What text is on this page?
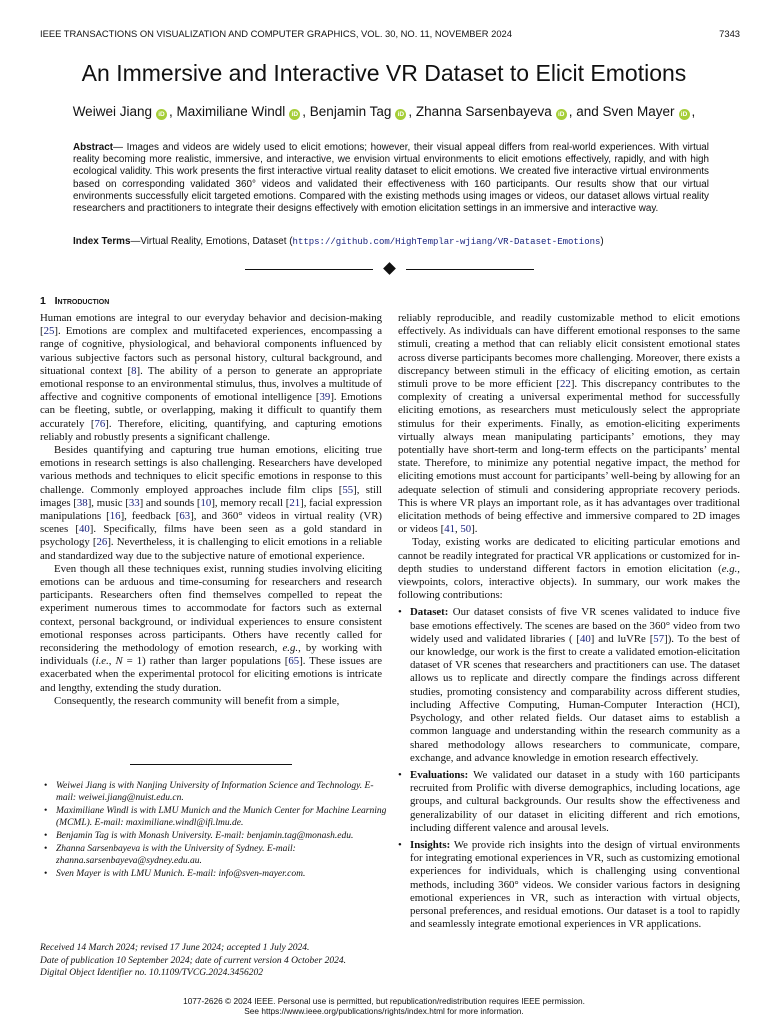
IEEE TRANSACTIONS ON VISUALIZATION AND COMPUTER GRAPHICS, VOL. 30, NO. 11, NOVEMBER 2024	7343
An Immersive and Interactive VR Dataset to Elicit Emotions
Weiwei Jiang iD , Maximiliane Windl iD , Benjamin Tag iD , Zhanna Sarsenbayeva iD , and Sven Mayer iD ,
Abstract— Images and videos are widely used to elicit emotions; however, their visual appeal differs from real-world experiences. With virtual reality becoming more realistic, immersive, and interactive, we envision virtual environments to elicit emotions effectively, rapidly, and with high ecological validity. This work presents the first interactive virtual reality dataset to elicit emotions. We created five interactive virtual environments based on corresponding validated 360° videos and validated their effectiveness with 160 participants. Our results show that our virtual environments successfully elicit targeted emotions. Compared with the existing methods using images or videos, our dataset allows virtual reality researchers and practitioners to integrate their designs effectively with emotion elicitation settings in an immersive and interactive way.
Index Terms—Virtual Reality, Emotions, Dataset (https://github.com/HighTemplar-wjiang/VR-Dataset-Emotions)
1 Introduction

Human emotions are integral to our everyday behavior and decision-making [25]. Emotions are complex and multifaceted experiences, encompassing a range of cognitive, physiological, and behavioral components influenced by various subjective factors such as personal history, cultural background, and situational context [8]. The ability of a person to generate an appropriate emotional response to an environmental stimulus, thus, involves a multitude of affective and cognitive components of emotional intelligence [39]. Emotions can be fleeting, subtle, or overlapping, making it difficult to quantify them accurately [76]. Therefore, eliciting, quantifying, and capturing emotions reliably and robustly presents a significant challenge.

Besides quantifying and capturing true human emotions, eliciting true emotions in research settings is also challenging. Researchers have developed various methods and techniques to elicit specific emotions in response to this challenge. Commonly employed approaches include film clips [55], still images [38], music [33] and sounds [10], memory recall [21], facial expression manipulations [16], feedback [63], and 360° videos in virtual reality (VR) scenes [40]. Specifically, films have been seen as a gold standard in psychology [26]. Nevertheless, it is challenging to elicit emotions in a reliable and standardized way due to the subjective nature of emotional experience.

Even though all these techniques exist, running studies involving eliciting emotions can be arduous and time-consuming for researchers and research participants. Researchers often find themselves compelled to repeat the experiment numerous times to accommodate for factors such as external context, personal background, or individual experiences to ensure consistent emotional responses across participants. Others have recently called for reconsidering the methodology of emotion research, e.g., by working with individuals (i.e., N = 1) rather than larger populations [65]. These issues are exacerbated when the experimental protocol for eliciting emotions is intricate and lengthy, extending the study duration.

Consequently, the research community will benefit from a simple,

reliably reproducible, and readily customizable method to elicit emotions effectively. As individuals can have different emotional responses to the same stimuli, creating a method that can reliably elicit consistent emotional states across diverse participants becomes more challenging. Moreover, there exists a discrepancy between stimuli in the efficacy of eliciting emotion, as certain stimuli prove to be more efficient [22]. This discrepancy contributes to the complexity of creating a universal experimental method for successfully eliciting emotions, as researchers must meticulously select the appropriate stimulus for their experiments. Finally, as emotion-eliciting experiments virtually always mean manipulating participants’ emotions, they may potentially have short-term and long-term effects on the participants’ mental state. Therefore, to minimize any potential negative impact, the method for eliciting emotions must account for participants’ well-being by allowing for an adequate selection of stimuli and considering appropriate recovery periods. This is where VR plays an important role, as it has advantages over traditional elicitation methods of being effective and immersive compared to 2D images or videos [41, 50].

Today, existing works are dedicated to eliciting particular emotions and cannot be readily integrated for practical VR applications or customized for in-depth studies to understand different factors in emotion elicitation (e.g., viewpoints, colors, interactive objects). In summary, our work makes the following contributions:

• Dataset: Our dataset consists of five VR scenes validated to induce five base emotions effectively. The scenes are based on the 360° video from two widely used and validated libraries ( [40] and luVRe [57]). To the best of our knowledge, our work is the first to create a validated emotion-elicitation dataset of VR scenes that researchers and practitioners can use. The dataset allows us to replicate and directly compare the findings across different studies, promoting consistency and comparability across different studies, including Affective Computing, Human-Computer Interaction (HCI), Psychology, and other related fields. Our dataset aims to establish a common language and understanding within the research community as a shared methodology allows researchers to communicate, compare, exchange, and advance knowledge in emotion research effectively.
• Evaluations: We validated our dataset in a study with 160 participants recruited from Prolific with diverse demographics, including locations, age groups, and cultural backgrounds. Our results show the effectiveness and generalizability of our dataset in eliciting different and rich emotions, including different valence and arousal levels.
• Insights: We provide rich insights into the design of virtual environments for integrating emotional experiences in VR, such as customizing emotional experiences for individuals, which is challenging using conventional methods, including 360° videos. We consider various factors in designing emotional experiences in VR, such as interaction with virtual objects, personal preferences, and residual emotions. Our dataset is a tool to rapidly and seamlessly integrate emotional experiences in VR applications.
• Weiwei Jiang is with Nanjing University of Information Science and Technology. E-mail: weiwei.jiang@nuist.edu.cn.
• Maximiliane Windl is with LMU Munich and the Munich Center for Machine Learning (MCML). E-mail: maximiliane.windl@ifi.lmu.de.
• Benjamin Tag is with Monash University. E-mail: benjamin.tag@monash.edu.
• Zhanna Sarsenbayeva is with the University of Sydney. E-mail: zhanna.sarsenbayeva@sydney.edu.au.
• Sven Mayer is with LMU Munich. E-mail: info@sven-mayer.com.
Received 14 March 2024; revised 17 June 2024; accepted 1 July 2024.
Date of publication 10 September 2024; date of current version 4 October 2024.
Digital Object Identifier no. 10.1109/TVCG.2024.3456202
1077-2626 © 2024 IEEE. Personal use is permitted, but republication/redistribution requires IEEE permission.
See https://www.ieee.org/publications/rights/index.html for more information.
